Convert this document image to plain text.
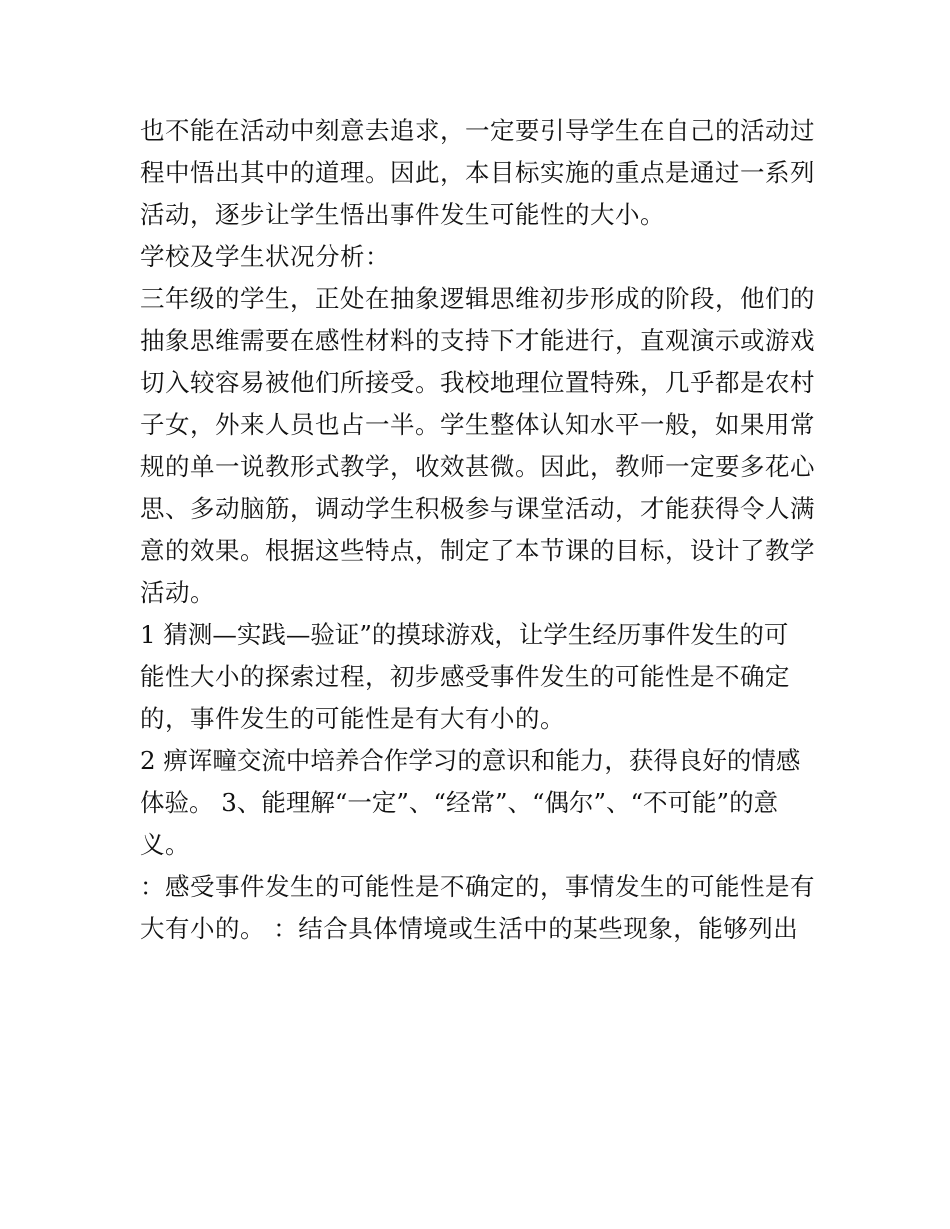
也不能在活动中刻意去追求，一定要引导学生在自己的活动过
程中悟出其中的道理。因此，本目标实施的重点是通过一系列
活动，逐步让学生悟出事件发生可能性的大小。
学校及学生状况分析：
三年级的学生，正处在抽象逻辑思维初步形成的阶段，他们的
抽象思维需要在感性材料的支持下才能进行，直观演示或游戏
切入较容易被他们所接受。我校地理位置特殊，几乎都是农村
子女，外来人员也占一半。学生整体认知水平一般，如果用常
规的单一说教形式教学，收效甚微。因此，教师一定要多花心
思、多动脑筋，调动学生积极参与课堂活动，才能获得令人满
意的效果。根据这些特点，制定了本节课的目标，设计了教学
活动。
1 猜测—实践—验证”的摸球游戏，让学生经历事件发生的可
能性大小的探索过程，初步感受事件发生的可能性是不确定
的，事件发生的可能性是有大有小的。
2 痹诨疃交流中培养合作学习的意识和能力，获得良好的情感
体验。 3、能理解“一定”、“经常”、“偶尔”、“不可能”的意
义。
：感受事件发生的可能性是不确定的，事情发生的可能性是有
大有小的。 ：结合具体情境或生活中的某些现象，能够列出
